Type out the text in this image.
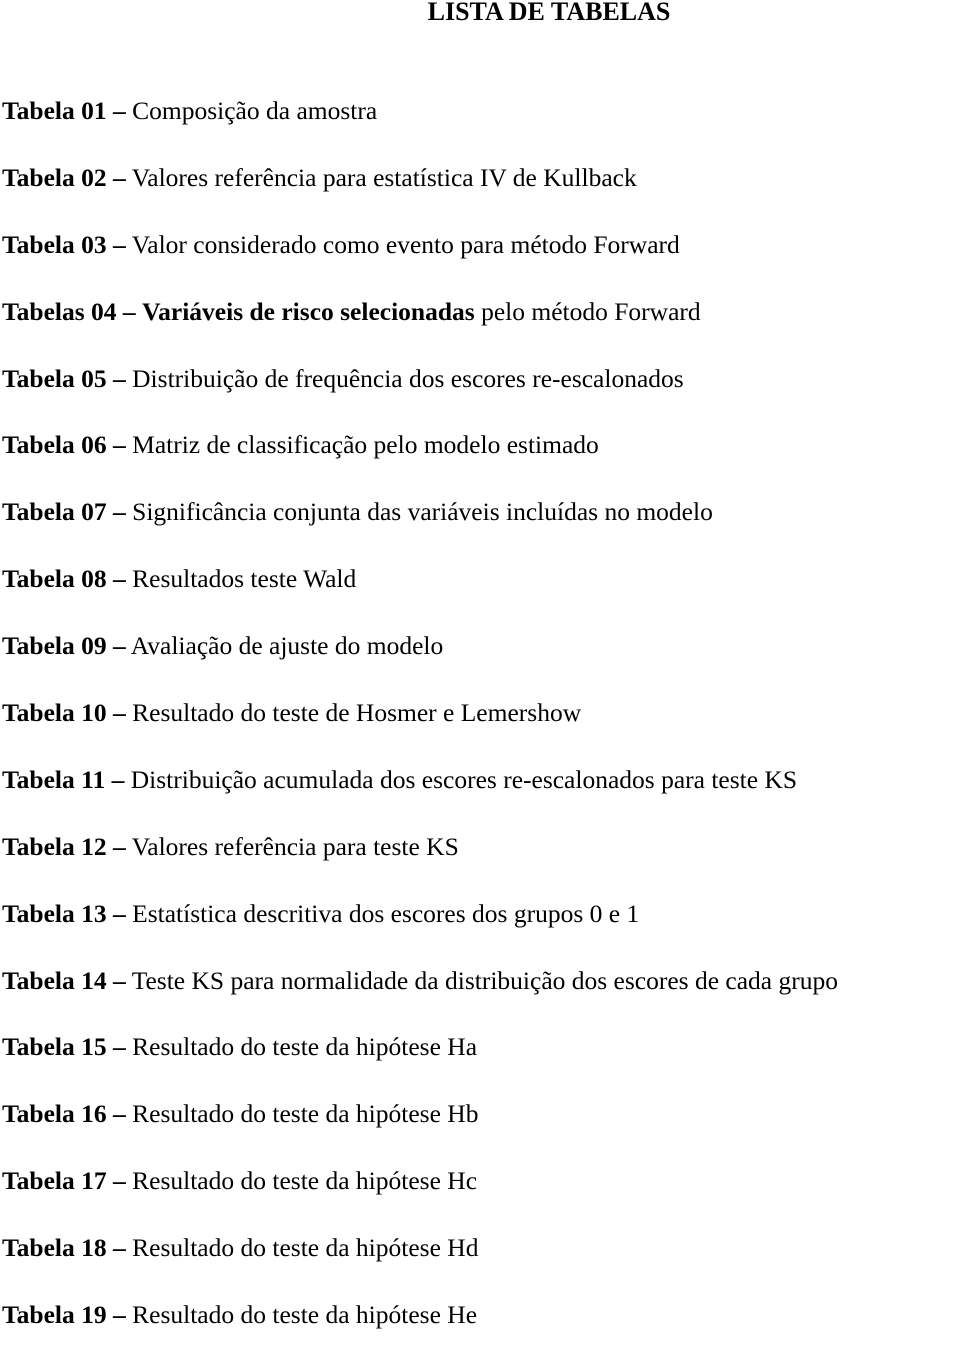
LISTA DE TABELAS
Tabela 01 – Composição da amostra
Tabela 02 – Valores referência para estatística IV de Kullback
Tabela 03 – Valor considerado como evento para método Forward
Tabelas 04 – Variáveis de risco selecionadas pelo método Forward
Tabela 05 – Distribuição de frequência dos escores re-escalonados
Tabela 06 – Matriz de classificação pelo modelo estimado
Tabela 07 – Significância conjunta das variáveis incluídas no modelo
Tabela 08 – Resultados teste Wald
Tabela 09 – Avaliação de ajuste do modelo
Tabela 10 – Resultado do teste de Hosmer e Lemershow
Tabela 11 – Distribuição acumulada dos escores re-escalonados para teste KS
Tabela 12 – Valores referência para teste KS
Tabela 13 – Estatística descritiva dos escores dos grupos 0 e 1
Tabela 14 – Teste KS para normalidade da distribuição dos escores de cada grupo
Tabela 15 – Resultado do teste da hipótese Ha
Tabela 16 – Resultado do teste da hipótese Hb
Tabela 17 – Resultado do teste da hipótese Hc
Tabela 18 – Resultado do teste da hipótese Hd
Tabela 19 – Resultado do teste da hipótese He
